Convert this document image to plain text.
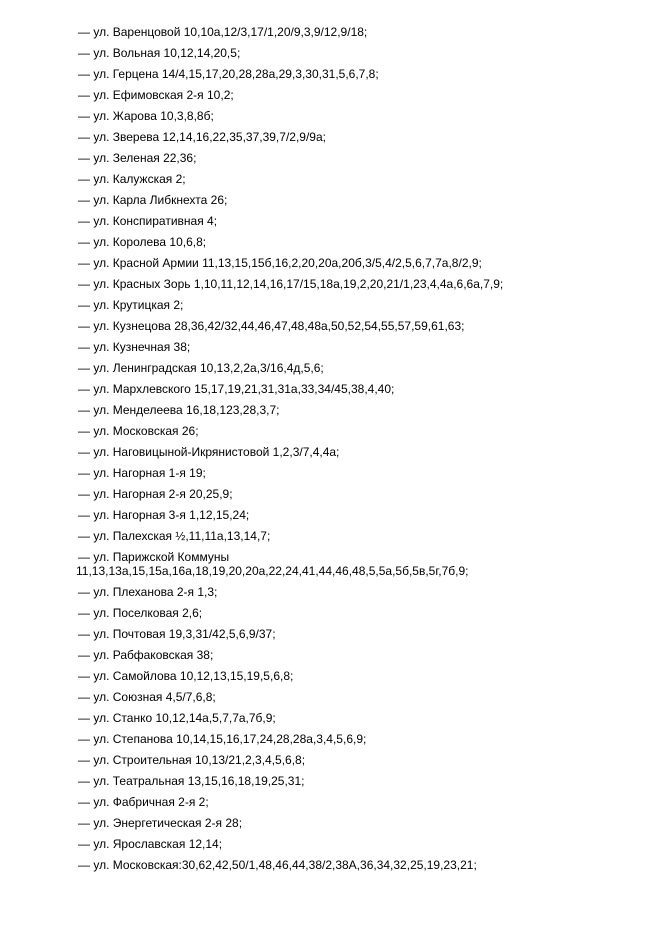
— ул. Варенцовой 10,10а,12/3,17/1,20/9,3,9/12,9/18;
— ул. Вольная 10,12,14,20,5;
— ул. Герцена 14/4,15,17,20,28,28а,29,3,30,31,5,6,7,8;
— ул. Ефимовская 2-я 10,2;
— ул. Жарова 10,3,8,8б;
— ул. Зверева 12,14,16,22,35,37,39,7/2,9/9а;
— ул. Зеленая 22,36;
— ул. Калужская 2;
— ул. Карла Либкнехта 26;
— ул. Конспиративная 4;
— ул. Королева 10,6,8;
— ул. Красной Армии 11,13,15,15б,16,2,20,20а,20б,3/5,4/2,5,6,7,7а,8/2,9;
— ул. Красных Зорь 1,10,11,12,14,16,17/15,18а,19,2,20,21/1,23,4,4а,6,6а,7,9;
— ул. Крутицкая 2;
— ул. Кузнецова 28,36,42/32,44,46,47,48,48а,50,52,54,55,57,59,61,63;
— ул. Кузнечная 38;
— ул. Ленинградская 10,13,2,2а,3/16,4д,5,6;
— ул. Мархлевского 15,17,19,21,31,31а,33,34/45,38,4,40;
— ул. Менделеева 16,18,123,28,3,7;
— ул. Московская 26;
— ул. Наговицыной-Икрянистовой 1,2,3/7,4,4а;
— ул. Нагорная 1-я 19;
— ул. Нагорная 2-я 20,25,9;
— ул. Нагорная 3-я 1,12,15,24;
— ул. Палехская ½,11,11а,13,14,7;
— ул. Парижской Коммуны
11,13,13а,15,15а,16а,18,19,20,20а,22,24,41,44,46,48,5,5а,5б,5в,5г,7б,9;
— ул. Плеханова 2-я 1,3;
— ул. Поселковая 2,6;
— ул. Почтовая 19,3,31/42,5,6,9/37;
— ул. Рабфаковская 38;
— ул. Самойлова 10,12,13,15,19,5,6,8;
— ул. Союзная 4,5/7,6,8;
— ул. Станко 10,12,14а,5,7,7а,7б,9;
— ул. Степанова 10,14,15,16,17,24,28,28а,3,4,5,6,9;
— ул. Строительная 10,13/21,2,3,4,5,6,8;
— ул. Театральная 13,15,16,18,19,25,31;
— ул. Фабричная 2-я 2;
— ул. Энергетическая 2-я 28;
— ул. Ярославская 12,14;
— ул. Московская:30,62,42,50/1,48,46,44,38/2,38А,36,34,32,25,19,23,21;
